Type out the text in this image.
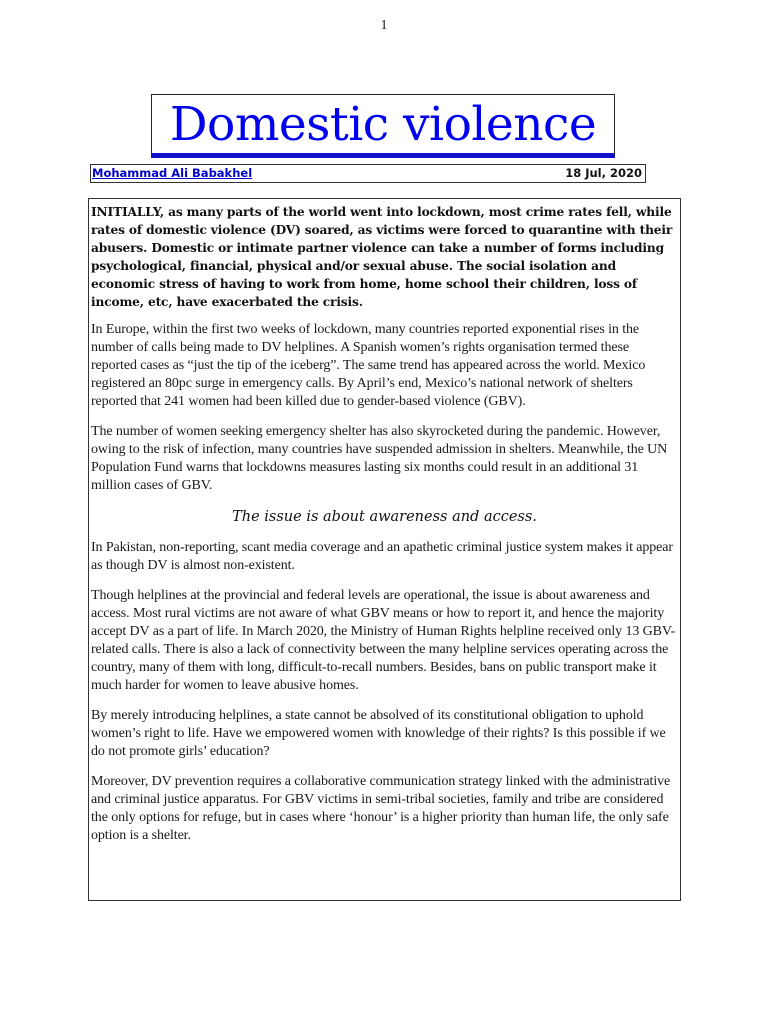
1
Domestic violence
Mohammad Ali Babakhel	18 Jul, 2020

INITIALLY, as many parts of the world went into lockdown, most crime rates fell, while rates of domestic violence (DV) soared, as victims were forced to quarantine with their abusers. Domestic or intimate partner violence can take a number of forms including psychological, financial, physical and/or sexual abuse. The social isolation and economic stress of having to work from home, home school their children, loss of income, etc, have exacerbated the crisis.

In Europe, within the first two weeks of lockdown, many countries reported exponential rises in the number of calls being made to DV helplines. A Spanish women’s rights organisation termed these reported cases as “just the tip of the iceberg”. The same trend has appeared across the world. Mexico registered an 80pc surge in emergency calls. By April’s end, Mexico’s national network of shelters reported that 241 women had been killed due to gender-based violence (GBV).

The number of women seeking emergency shelter has also skyrocketed during the pandemic. However, owing to the risk of infection, many countries have suspended admission in shelters. Meanwhile, the UN Population Fund warns that lockdowns measures lasting six months could result in an additional 31 million cases of GBV.

The issue is about awareness and access.

In Pakistan, non-reporting, scant media coverage and an apathetic criminal justice system makes it appear as though DV is almost non-existent.

Though helplines at the provincial and federal levels are operational, the issue is about awareness and access. Most rural victims are not aware of what GBV means or how to report it, and hence the majority accept DV as a part of life. In March 2020, the Ministry of Human Rights helpline received only 13 GBV-related calls. There is also a lack of connectivity between the many helpline services operating across the country, many of them with long, difficult-to-recall numbers. Besides, bans on public transport make it much harder for women to leave abusive homes.

By merely introducing helplines, a state cannot be absolved of its constitutional obligation to uphold women’s right to life. Have we empowered women with knowledge of their rights? Is this possible if we do not promote girls’ education?

Moreover, DV prevention requires a collaborative communication strategy linked with the administrative and criminal justice apparatus. For GBV victims in semi-tribal societies, family and tribe are considered the only options for refuge, but in cases where ‘honour’ is a higher priority than human life, the only safe option is a shelter.
